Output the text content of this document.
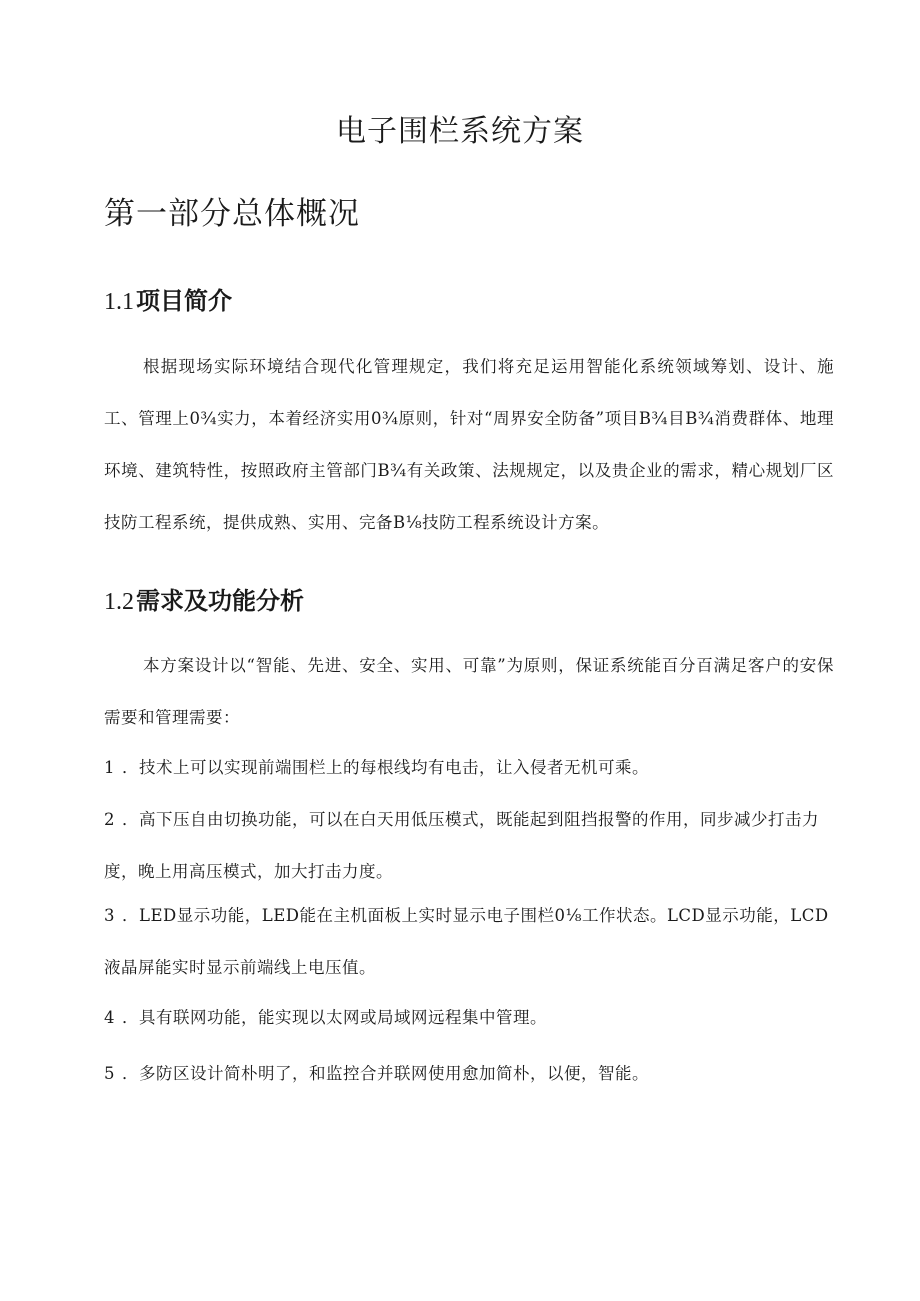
电子围栏系统方案
第一部分总体概况
1.1项目简介

根据现场实际环境结合现代化管理规定，我们将充足运用智能化系统领域筹划、设计、施工、管理上0¾实力，本着经济实用0¾原则，针对“周界安全防备”项目B¾目B¾消费群体、地理环境、建筑特性，按照政府主管部门B¾有关政策、法规规定，以及贵企业的需求，精心规划厂区技防工程系统，提供成熟、实用、完备B⅛技防工程系统设计方案。

1.2需求及功能分析

本方案设计以“智能、先进、安全、实用、可靠”为原则，保证系统能百分百满足客户的安保需要和管理需要：

1 ．技术上可以实现前端围栏上的每根线均有电击，让入侵者无机可乘。

2 ．高下压自由切换功能，可以在白天用低压模式，既能起到阻挡报警的作用，同步减少打击力度，晚上用高压模式，加大打击力度。

3 ．LED显示功能，LED能在主机面板上实时显示电子围栏0⅛工作状态。LCD显示功能，LCD液晶屏能实时显示前端线上电压值。

4 ．具有联网功能，能实现以太网或局域网远程集中管理。

5 ．多防区设计简朴明了，和监控合并联网使用愈加简朴，以便，智能。
